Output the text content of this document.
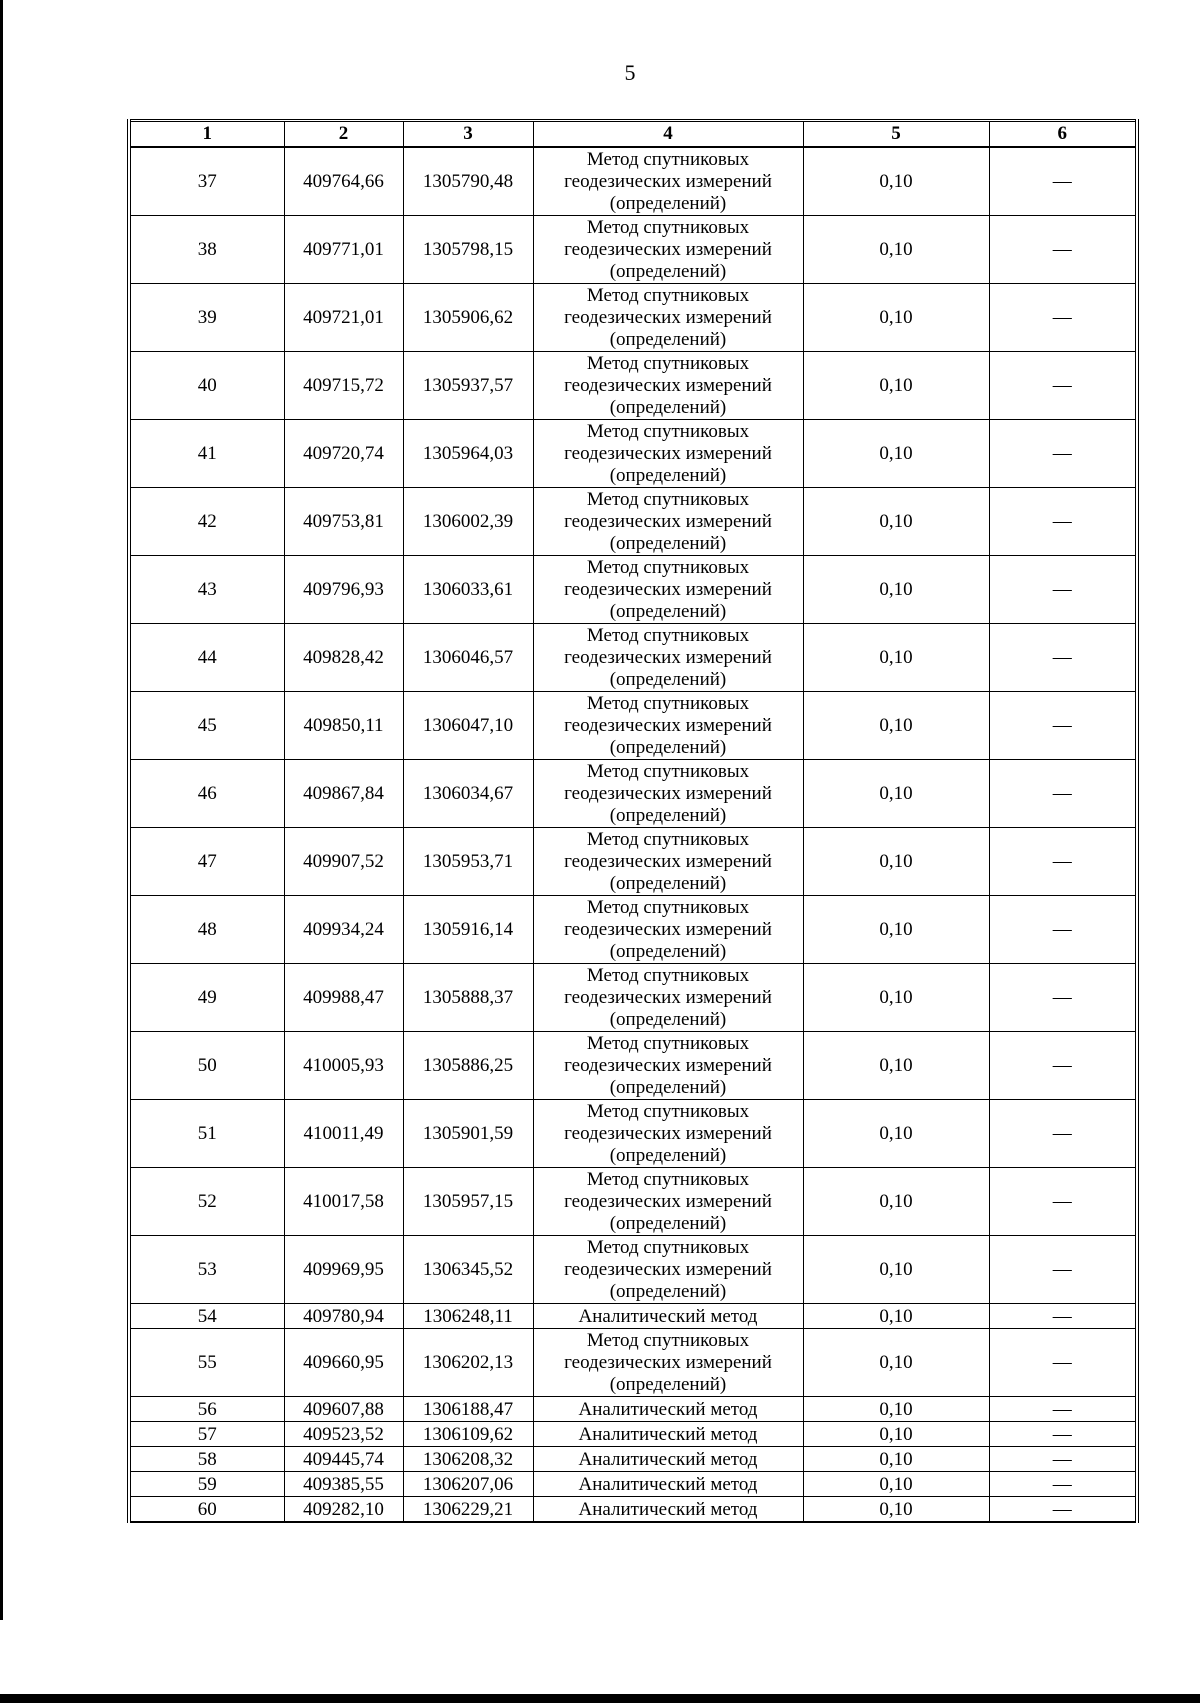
5
1	2	3	4	5	6
37	409764,66	1305790,48	Метод спутниковых геодезических измерений (определений)	0,10	—
38	409771,01	1305798,15	Метод спутниковых геодезических измерений (определений)	0,10	—
39	409721,01	1305906,62	Метод спутниковых геодезических измерений (определений)	0,10	—
40	409715,72	1305937,57	Метод спутниковых геодезических измерений (определений)	0,10	—
41	409720,74	1305964,03	Метод спутниковых геодезических измерений (определений)	0,10	—
42	409753,81	1306002,39	Метод спутниковых геодезических измерений (определений)	0,10	—
43	409796,93	1306033,61	Метод спутниковых геодезических измерений (определений)	0,10	—
44	409828,42	1306046,57	Метод спутниковых геодезических измерений (определений)	0,10	—
45	409850,11	1306047,10	Метод спутниковых геодезических измерений (определений)	0,10	—
46	409867,84	1306034,67	Метод спутниковых геодезических измерений (определений)	0,10	—
47	409907,52	1305953,71	Метод спутниковых геодезических измерений (определений)	0,10	—
48	409934,24	1305916,14	Метод спутниковых геодезических измерений (определений)	0,10	—
49	409988,47	1305888,37	Метод спутниковых геодезических измерений (определений)	0,10	—
50	410005,93	1305886,25	Метод спутниковых геодезических измерений (определений)	0,10	—
51	410011,49	1305901,59	Метод спутниковых геодезических измерений (определений)	0,10	—
52	410017,58	1305957,15	Метод спутниковых геодезических измерений (определений)	0,10	—
53	409969,95	1306345,52	Метод спутниковых геодезических измерений (определений)	0,10	—
54	409780,94	1306248,11	Аналитический метод	0,10	—
55	409660,95	1306202,13	Метод спутниковых геодезических измерений (определений)	0,10	—
56	409607,88	1306188,47	Аналитический метод	0,10	—
57	409523,52	1306109,62	Аналитический метод	0,10	—
58	409445,74	1306208,32	Аналитический метод	0,10	—
59	409385,55	1306207,06	Аналитический метод	0,10	—
60	409282,10	1306229,21	Аналитический метод	0,10	—
